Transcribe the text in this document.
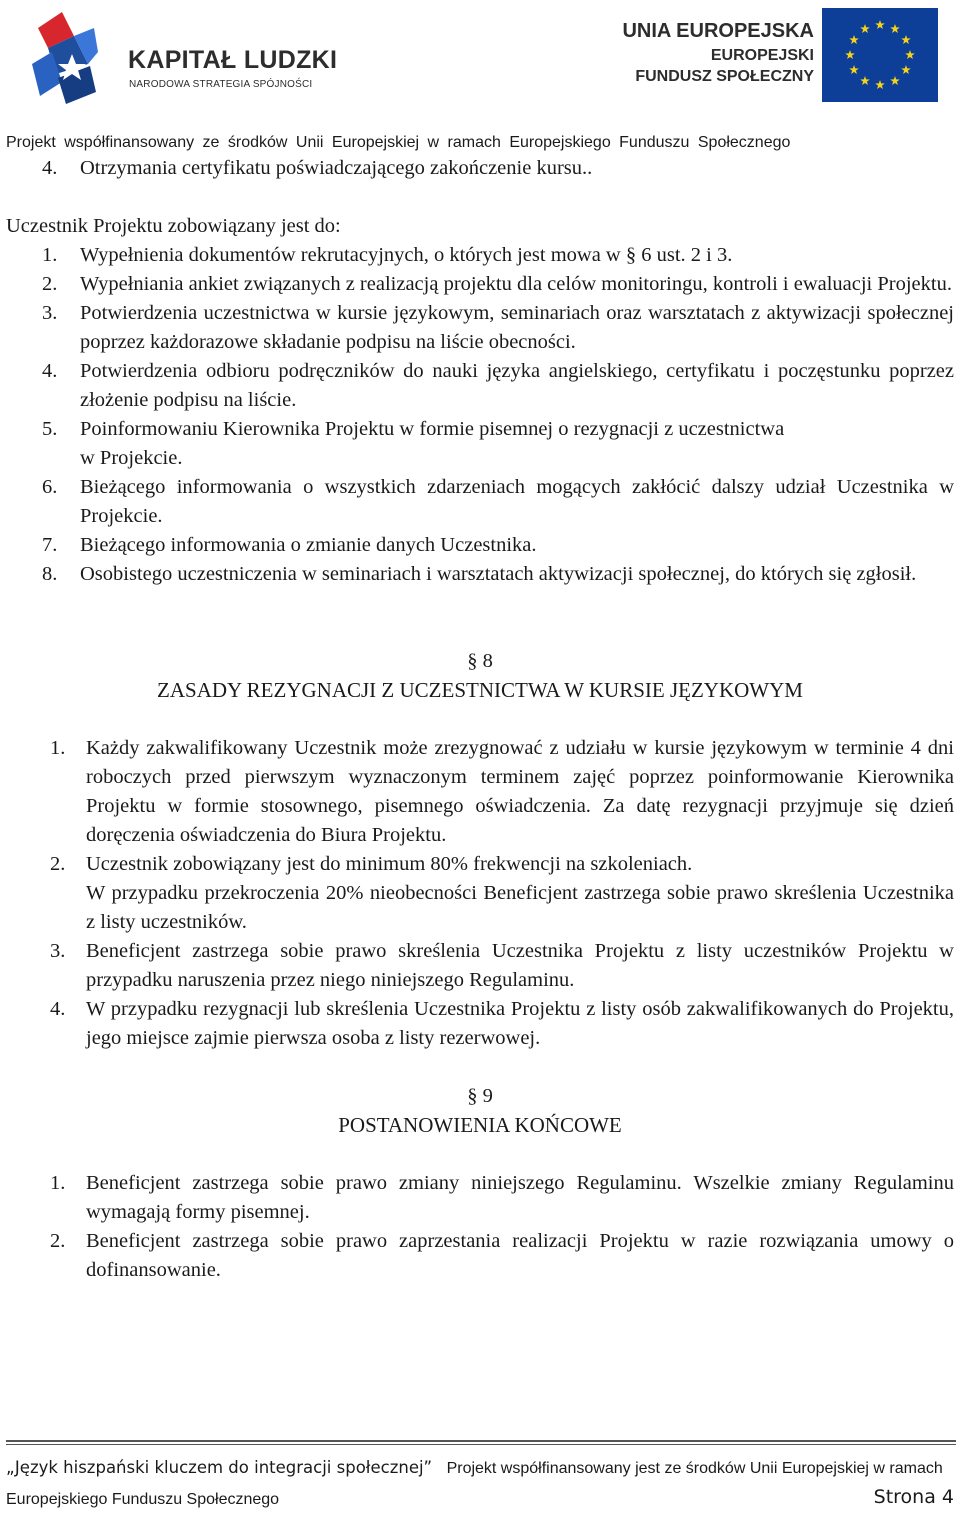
KAPITAŁ LUDZKI
NARODOWA STRATEGIA SPÓJNOŚCI
UNIA EUROPEJSKA
EUROPEJSKI
FUNDUSZ SPOŁECZNY
Projekt współfinansowany ze środków Unii Europejskiej w ramach Europejskiego Funduszu Społecznego
4. Otrzymania certyfikatu poświadczającego zakończenie kursu..
Uczestnik Projektu zobowiązany jest do:
1. Wypełnienia dokumentów rekrutacyjnych, o których jest mowa w § 6 ust. 2 i 3.
2. Wypełniania ankiet związanych z realizacją projektu dla celów monitoringu, kontroli i ewaluacji Projektu.
3. Potwierdzenia uczestnictwa w kursie językowym, seminariach oraz warsztatach z aktywizacji społecznej poprzez każdorazowe składanie podpisu na liście obecności.
4. Potwierdzenia odbioru podręczników do nauki języka angielskiego, certyfikatu i poczęstunku poprzez złożenie podpisu na liście.
5. Poinformowaniu Kierownika Projektu w formie pisemnej o rezygnacji z uczestnictwa w Projekcie.
6. Bieżącego informowania o wszystkich zdarzeniach mogących zakłócić dalszy udział Uczestnika w Projekcie.
7. Bieżącego informowania o zmianie danych Uczestnika.
8. Osobistego uczestniczenia w seminariach i warsztatach aktywizacji społecznej, do których się zgłosił.
§ 8
ZASADY REZYGNACJI Z UCZESTNICTWA W KURSIE JĘZYKOWYM
1. Każdy zakwalifikowany Uczestnik może zrezygnować z udziału w kursie językowym w terminie 4 dni roboczych przed pierwszym wyznaczonym terminem zajęć poprzez poinformowanie Kierownika Projektu w formie stosownego, pisemnego oświadczenia. Za datę rezygnacji przyjmuje się dzień doręczenia oświadczenia do Biura Projektu.
2. Uczestnik zobowiązany jest do minimum 80% frekwencji na szkoleniach.
W przypadku przekroczenia 20% nieobecności Beneficjent zastrzega sobie prawo skreślenia Uczestnika z listy uczestników.
3. Beneficjent zastrzega sobie prawo skreślenia Uczestnika Projektu z listy uczestników Projektu w przypadku naruszenia przez niego niniejszego Regulaminu.
4. W przypadku rezygnacji lub skreślenia Uczestnika Projektu z listy osób zakwalifikowanych do Projektu, jego miejsce zajmie pierwsza osoba z listy rezerwowej.
§ 9
POSTANOWIENIA KOŃCOWE
1. Beneficjent zastrzega sobie prawo zmiany niniejszego Regulaminu. Wszelkie zmiany Regulaminu wymagają formy pisemnej.
2. Beneficjent zastrzega sobie prawo zaprzestania realizacji Projektu w razie rozwiązania umowy o dofinansowanie.
„Język hiszpański kluczem do integracji społecznej” Projekt współfinansowany jest ze środków Unii Europejskiej w ramach
Europejskiego Funduszu Społecznego	Strona 4
